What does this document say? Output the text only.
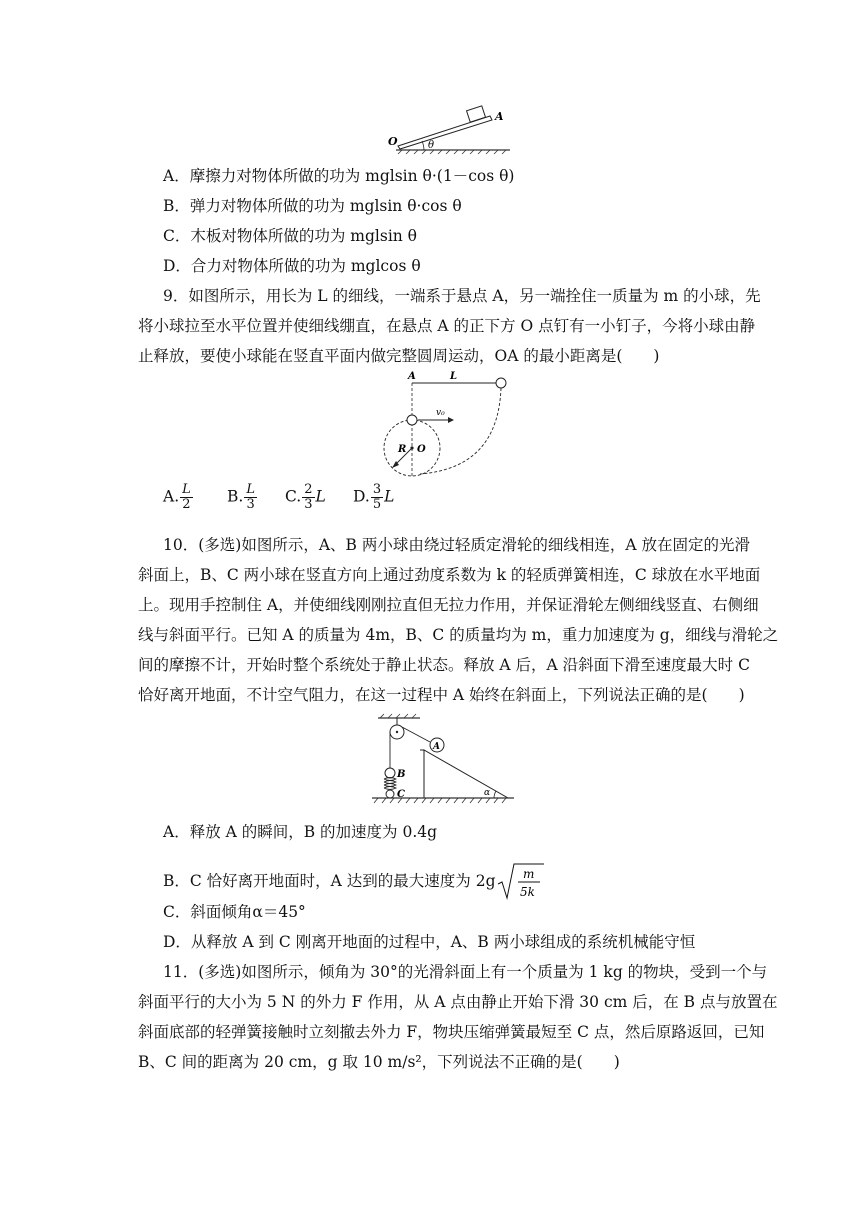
O
A
θ
A．摩擦力对物体所做的功为 mglsin θ·(1－cos θ)
B．弹力对物体所做的功为 mglsin θ·cos θ
C．木板对物体所做的功为 mglsin θ
D．合力对物体所做的功为 mglcos θ
9．如图所示，用长为 L 的细线，一端系于悬点 A，另一端拴住一质量为 m 的小球，先
将小球拉至水平位置并使细线绷直，在悬点 A 的正下方 O 点钉有一小钉子，今将小球由静
止释放，要使小球能在竖直平面内做完整圆周运动，OA 的最小距离是(　　)
A	L
v₀
R O
A. $\frac{L}{2} B$. $\frac{L}{3} C$. $\frac{2}{3}$ L D. $\frac{3}{5}$ L
10．(多选)如图所示，A、B 两小球由绕过轻质定滑轮的细线相连，A 放在固定的光滑
斜面上，B、C 两小球在竖直方向上通过劲度系数为 k 的轻质弹簧相连，C 球放在水平地面
上。现用手控制住 A，并使细线刚刚拉直但无拉力作用，并保证滑轮左侧细线竖直、右侧细
线与斜面平行。已知 A 的质量为 4m，B、C 的质量均为 m，重力加速度为 g，细线与滑轮之
间的摩擦不计，开始时整个系统处于静止状态。释放 A 后，A 沿斜面下滑至速度最大时 C
恰好离开地面，不计空气阻力，在这一过程中 A 始终在斜面上，下列说法正确的是(　　)
A
B
C	α
A．释放 A 的瞬间，B 的加速度为 0.4g
B．C 恰好离开地面时，A 达到的最大速度为 2g m
5k
C．斜面倾角α＝45°
D．从释放 A 到 C 刚离开地面的过程中，A、B 两小球组成的系统机械能守恒
11．(多选)如图所示，倾角为 30°的光滑斜面上有一个质量为 1 kg 的物块，受到一个与
斜面平行的大小为 5 N 的外力 F 作用，从 A 点由静止开始下滑 30 cm 后，在 B 点与放置在
斜面底部的轻弹簧接触时立刻撤去外力 F，物块压缩弹簧最短至 C 点，然后原路返回，已知
B、C 间的距离为 20 cm，g 取 10 m/s²，下列说法不正确的是(　　)
